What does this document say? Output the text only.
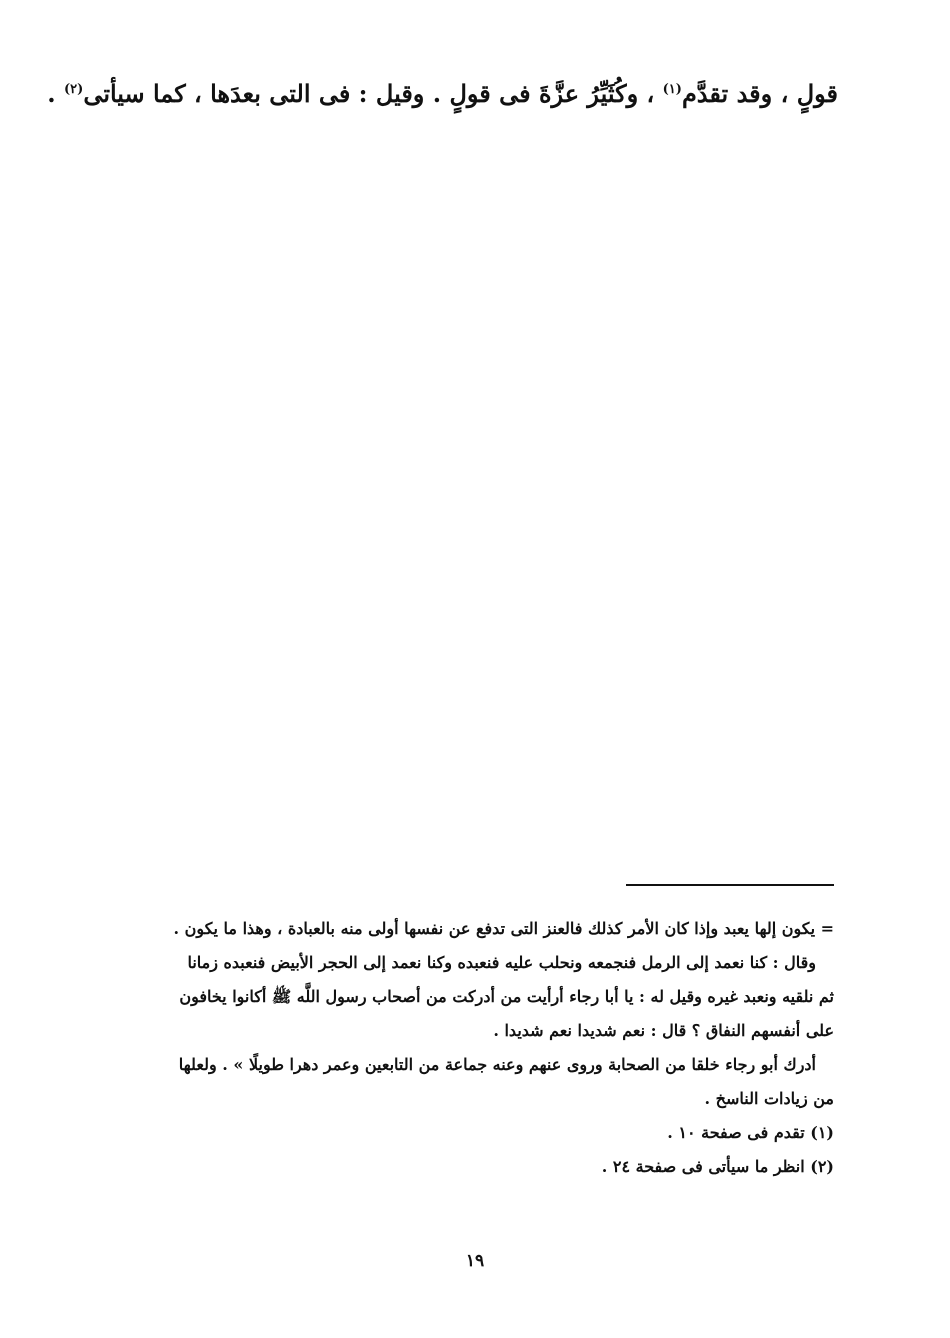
قولٍ ، وقد تقدَّم$^{(١)}$ ، وكُثَيِّرُ عزَّةَ فى قولٍ . وقيل : فى التى بعدَها ، كما سيأتى$^{(٢)}$ .
= يكون إلها يعبد وإذا كان الأمر كذلك فالعنز التى تدفع عن نفسها أولى منه بالعبادة ، وهذا ما يكون .
وقال : كنا نعمد إلى الرمل فنجمعه ونحلب عليه فنعبده وكنا نعمد إلى الحجر الأبيض فنعبده زمانا
ثم نلقيه ونعبد غيره وقيل له : يا أبا رجاء أرأيت من أدركت من أصحاب رسول اللَّه ﷺ أكانوا يخافون
على أنفسهم النفاق ؟ قال : نعم شديدا نعم شديدا .
أدرك أبو رجاء خلقا من الصحابة وروى عنهم وعنه جماعة من التابعين وعمر دهرا طويلًا » . ولعلها
من زيادات الناسخ .
(١) تقدم فى صفحة ١٠ .
(٢) انظر ما سيأتى فى صفحة ٢٤ .
١٩
